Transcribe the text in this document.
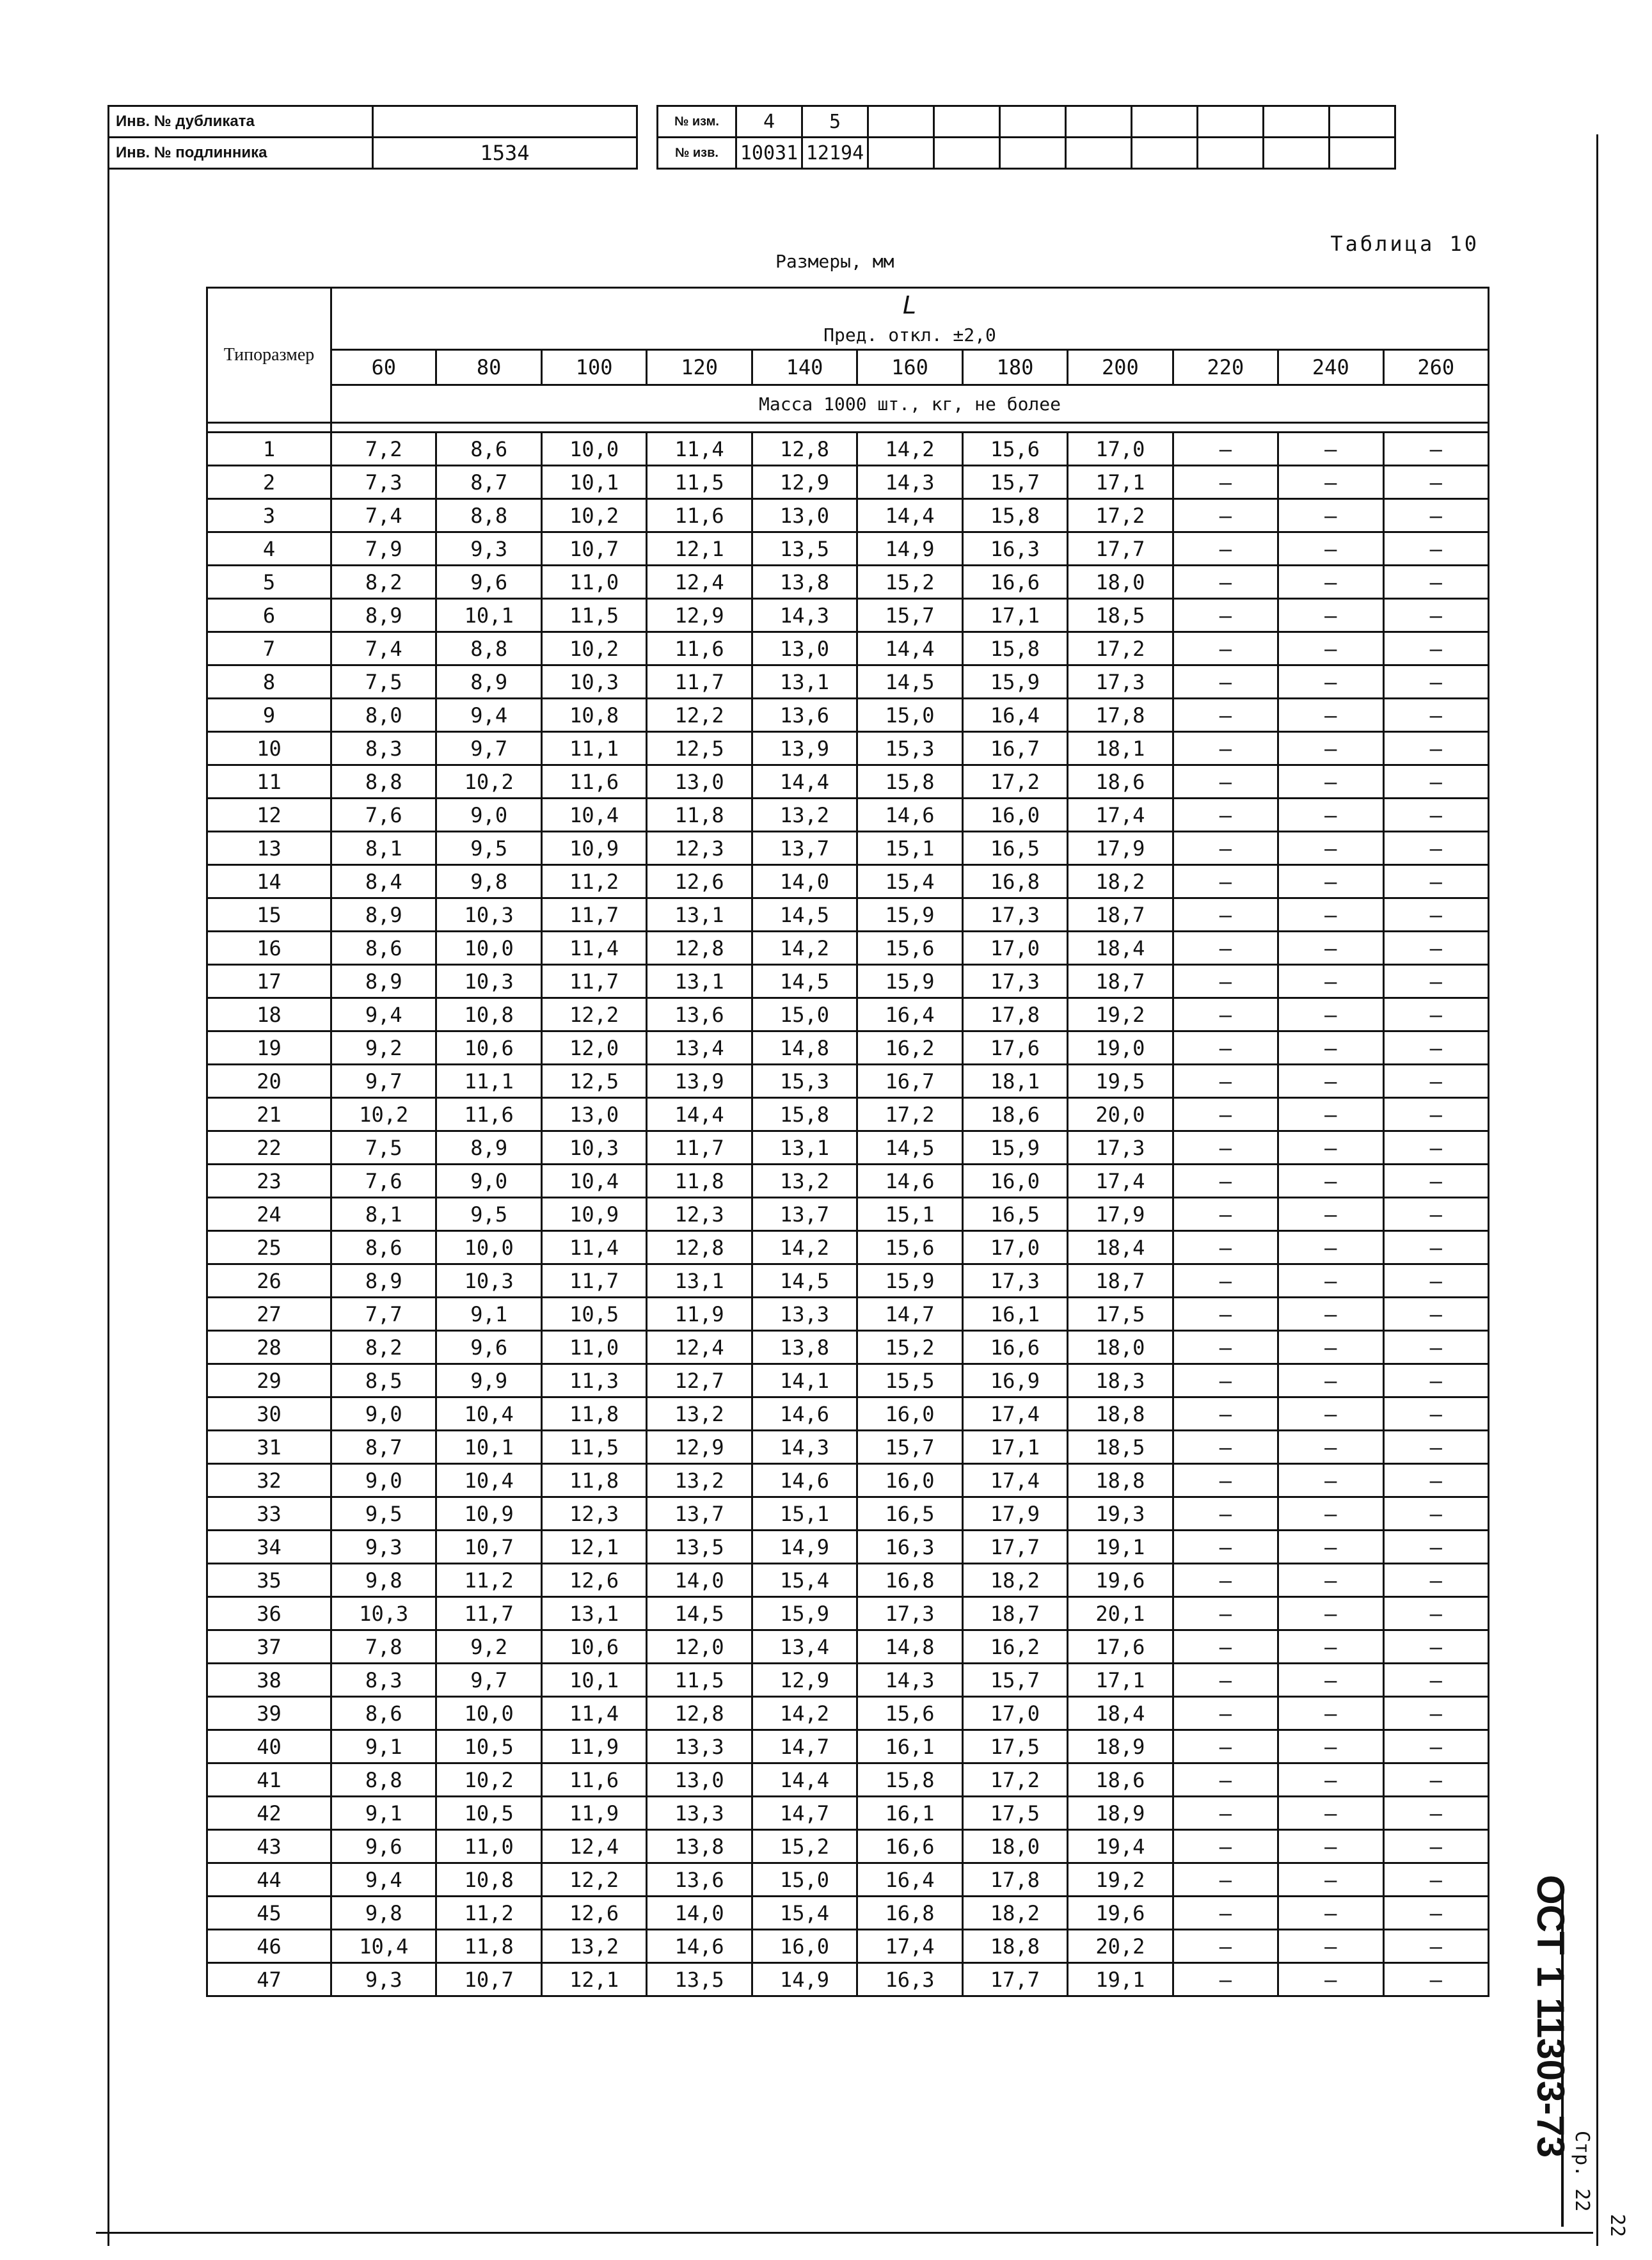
Инв. № дубликата	
Инв. № подлинника	1534
№ изм.	4	5								
№ изв.	10031	12194								
Таблица 10
Размеры, мм
Типоразмер	L
Пред. откл. ±2,0										
	60	80	100	120	140	160	180	200	220	240	260
	Масса 1000 шт., кг, не более										

1	7,2	8,6	10,0	11,4	12,8	14,2	15,6	17,0	–	–	–
2	7,3	8,7	10,1	11,5	12,9	14,3	15,7	17,1	–	–	–
3	7,4	8,8	10,2	11,6	13,0	14,4	15,8	17,2	–	–	–
4	7,9	9,3	10,7	12,1	13,5	14,9	16,3	17,7	–	–	–
5	8,2	9,6	11,0	12,4	13,8	15,2	16,6	18,0	–	–	–
6	8,9	10,1	11,5	12,9	14,3	15,7	17,1	18,5	–	–	–
7	7,4	8,8	10,2	11,6	13,0	14,4	15,8	17,2	–	–	–
8	7,5	8,9	10,3	11,7	13,1	14,5	15,9	17,3	–	–	–
9	8,0	9,4	10,8	12,2	13,6	15,0	16,4	17,8	–	–	–
10	8,3	9,7	11,1	12,5	13,9	15,3	16,7	18,1	–	–	–
11	8,8	10,2	11,6	13,0	14,4	15,8	17,2	18,6	–	–	–
12	7,6	9,0	10,4	11,8	13,2	14,6	16,0	17,4	–	–	–
13	8,1	9,5	10,9	12,3	13,7	15,1	16,5	17,9	–	–	–
14	8,4	9,8	11,2	12,6	14,0	15,4	16,8	18,2	–	–	–
15	8,9	10,3	11,7	13,1	14,5	15,9	17,3	18,7	–	–	–
16	8,6	10,0	11,4	12,8	14,2	15,6	17,0	18,4	–	–	–
17	8,9	10,3	11,7	13,1	14,5	15,9	17,3	18,7	–	–	–
18	9,4	10,8	12,2	13,6	15,0	16,4	17,8	19,2	–	–	–
19	9,2	10,6	12,0	13,4	14,8	16,2	17,6	19,0	–	–	–
20	9,7	11,1	12,5	13,9	15,3	16,7	18,1	19,5	–	–	–
21	10,2	11,6	13,0	14,4	15,8	17,2	18,6	20,0	–	–	–
22	7,5	8,9	10,3	11,7	13,1	14,5	15,9	17,3	–	–	–
23	7,6	9,0	10,4	11,8	13,2	14,6	16,0	17,4	–	–	–
24	8,1	9,5	10,9	12,3	13,7	15,1	16,5	17,9	–	–	–
25	8,6	10,0	11,4	12,8	14,2	15,6	17,0	18,4	–	–	–
26	8,9	10,3	11,7	13,1	14,5	15,9	17,3	18,7	–	–	–
27	7,7	9,1	10,5	11,9	13,3	14,7	16,1	17,5	–	–	–
28	8,2	9,6	11,0	12,4	13,8	15,2	16,6	18,0	–	–	–
29	8,5	9,9	11,3	12,7	14,1	15,5	16,9	18,3	–	–	–
30	9,0	10,4	11,8	13,2	14,6	16,0	17,4	18,8	–	–	–
31	8,7	10,1	11,5	12,9	14,3	15,7	17,1	18,5	–	–	–
32	9,0	10,4	11,8	13,2	14,6	16,0	17,4	18,8	–	–	–
33	9,5	10,9	12,3	13,7	15,1	16,5	17,9	19,3	–	–	–
34	9,3	10,7	12,1	13,5	14,9	16,3	17,7	19,1	–	–	–
35	9,8	11,2	12,6	14,0	15,4	16,8	18,2	19,6	–	–	–
36	10,3	11,7	13,1	14,5	15,9	17,3	18,7	20,1	–	–	–
37	7,8	9,2	10,6	12,0	13,4	14,8	16,2	17,6	–	–	–
38	8,3	9,7	10,1	11,5	12,9	14,3	15,7	17,1	–	–	–
39	8,6	10,0	11,4	12,8	14,2	15,6	17,0	18,4	–	–	–
40	9,1	10,5	11,9	13,3	14,7	16,1	17,5	18,9	–	–	–
41	8,8	10,2	11,6	13,0	14,4	15,8	17,2	18,6	–	–	–
42	9,1	10,5	11,9	13,3	14,7	16,1	17,5	18,9	–	–	–
43	9,6	11,0	12,4	13,8	15,2	16,6	18,0	19,4	–	–	–
44	9,4	10,8	12,2	13,6	15,0	16,4	17,8	19,2	–	–	–
45	9,8	11,2	12,6	14,0	15,4	16,8	18,2	19,6	–	–	–
46	10,4	11,8	13,2	14,6	16,0	17,4	18,8	20,2	–	–	–
47	9,3	10,7	12,1	13,5	14,9	16,3	17,7	19,1	–	–	– ОСТ 1 11303-73
Стр. 22
22
